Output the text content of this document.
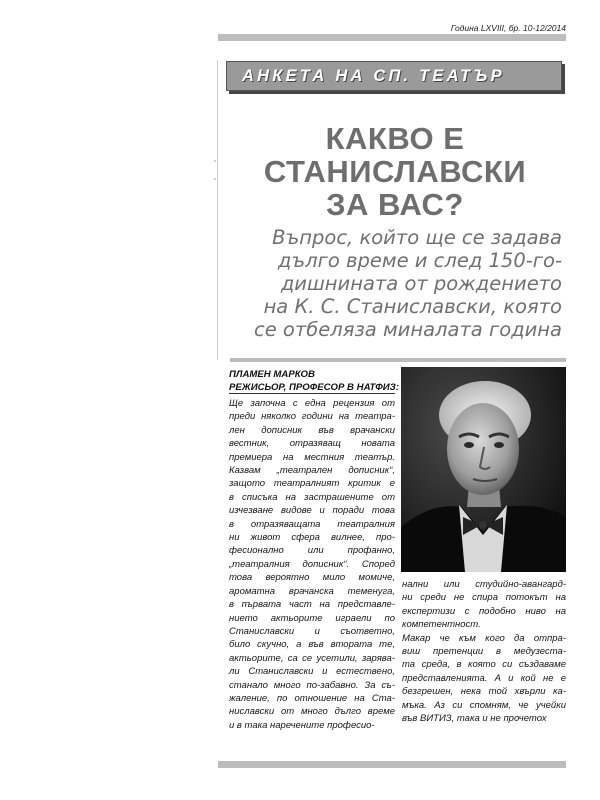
Година LXVIII, бр. 10-12/2014
АНКЕТА НА СП. ТЕАТЪР
КАКВО Е
СТАНИСЛАВСКИ
ЗА ВАС?
Въпрос, който ще се задава
дълго време и след 150-го-
дишнината от рождението
на К. С. Станиславски, която
се отбеляза миналата година
ПЛАМЕН МАРКОВ
РЕЖИСЬОР, ПРОФЕСОР В НАТФИЗ:
Ще започна с една рецензия от
преди няколко години на театра-
лен дописник във врачански
вестник, отразяващ новата
премиера на местния театър.
Казвам „театрален дописник“,
защото театралният критик е
в списъка на застрашените от
изчезване видове и поради това
в отразяващата театралния
ни живот сфера вилнее, про-
фесионално или профанно,
„театралния дописник“. Според
това вероятно мило момиче,
ароматна врачанска теменуга,
в първата част на представле-
нието актьорите играели по
Станиславски и съответно,
било скучно, а във втората те,
актьорите, са се усетили, зарява-
ли Станиславски и естествено,
станало много по-забавно. За съ-
жаление, по отношение на Ста-
ниславски от много дълго време
и в така наречените професио-
нални или студийно-авангард-
ни среди не спира потокът на
експертизи с подобно ниво на
компетентност.
Макар че към кого да отпра-
виш претенции в медузеста-
та среда, в която си създаваме
представленията. А и кой не е
безгрешен, нека той хвърли ка-
мъка. Аз си спомням, че учейки
във ВИТИЗ, така и не прочетох
